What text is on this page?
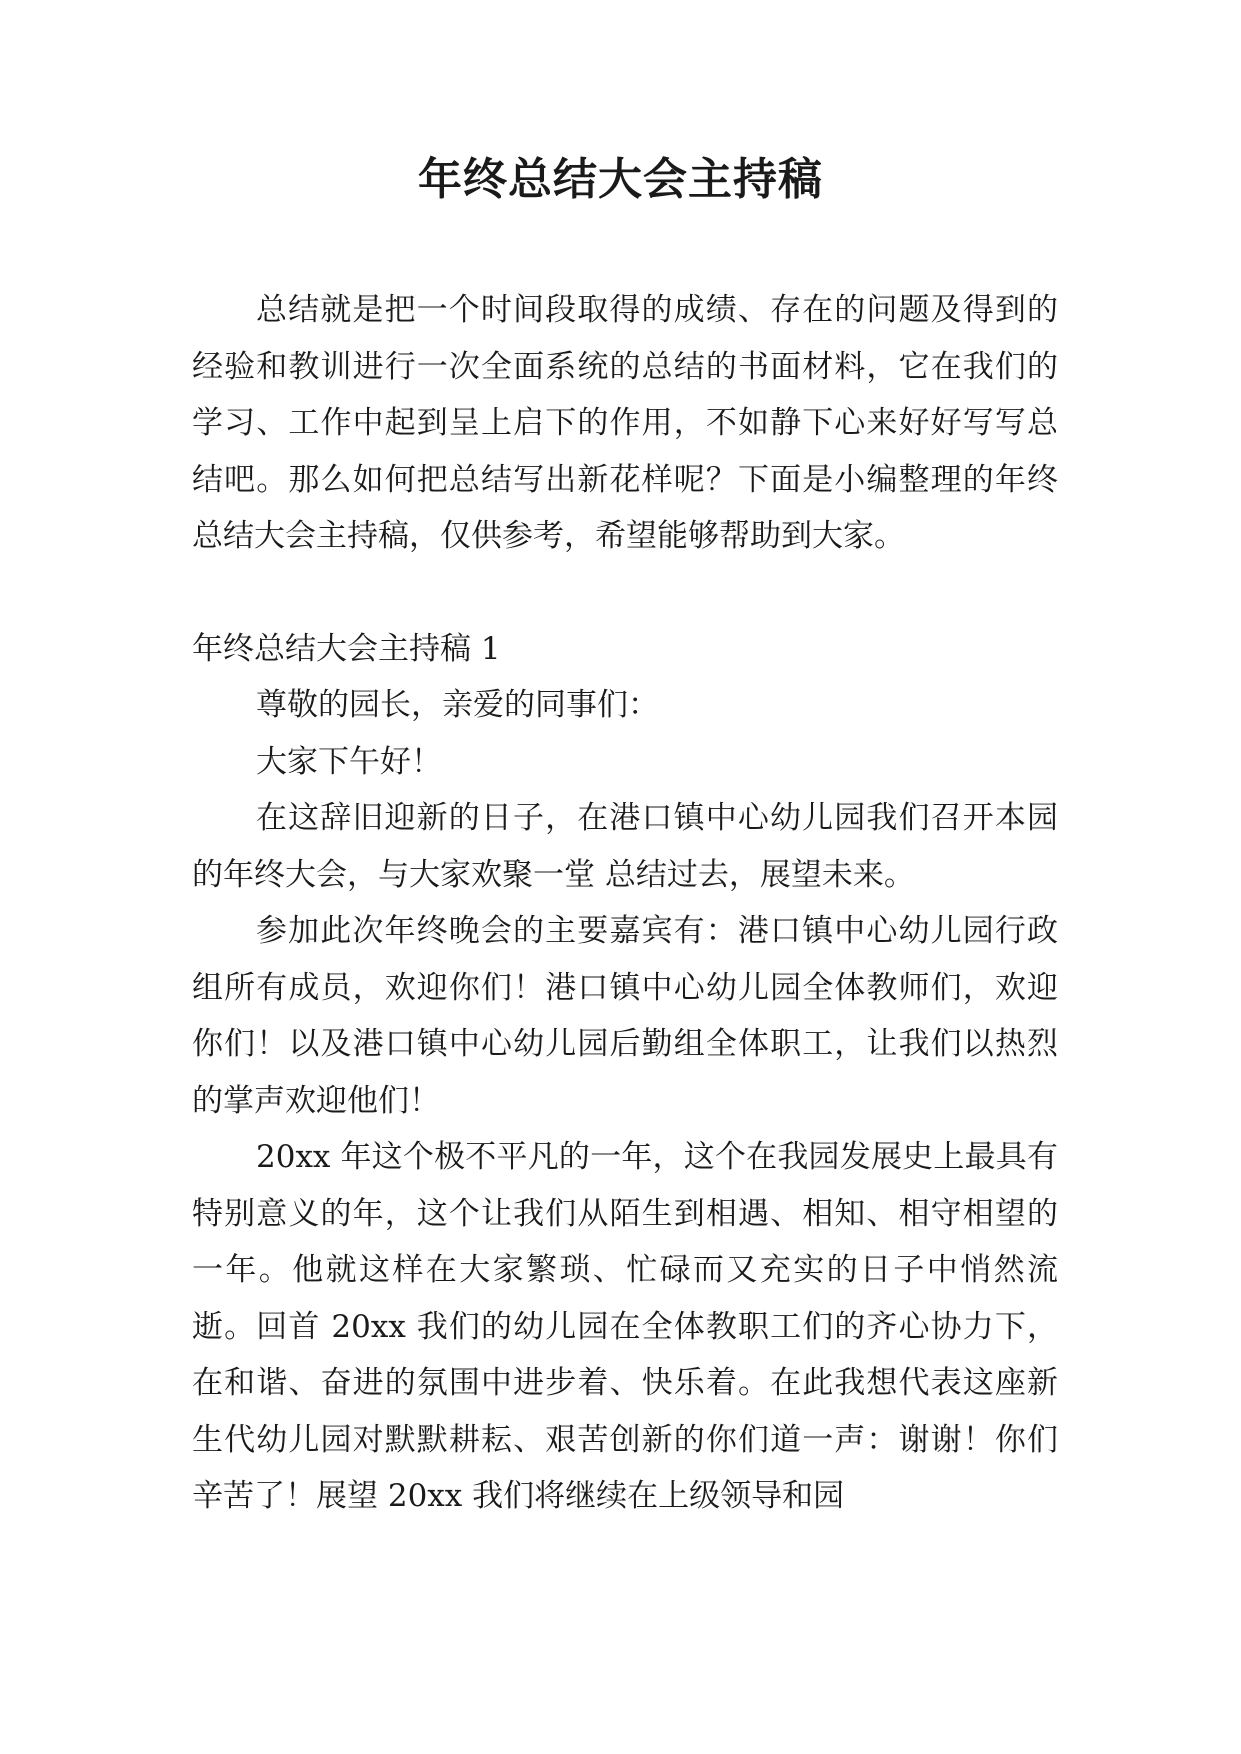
年终总结大会主持稿

总结就是把一个时间段取得的成绩、存在的问题及得到的经验和教训进行一次全面系统的总结的书面材料，它在我们的学习、工作中起到呈上启下的作用，不如静下心来好好写写总结吧。那么如何把总结写出新花样呢？下面是小编整理的年终总结大会主持稿，仅供参考，希望能够帮助到大家。

年终总结大会主持稿 1

尊敬的园长，亲爱的同事们：

大家下午好！

在这辞旧迎新的日子，在港口镇中心幼儿园我们召开本园的年终大会，与大家欢聚一堂 总结过去，展望未来。

参加此次年终晚会的主要嘉宾有：港口镇中心幼儿园行政组所有成员，欢迎你们！港口镇中心幼儿园全体教师们，欢迎你们！以及港口镇中心幼儿园后勤组全体职工，让我们以热烈的掌声欢迎他们！

20xx 年这个极不平凡的一年，这个在我园发展史上最具有特别意义的年，这个让我们从陌生到相遇、相知、相守相望的一年。他就这样在大家繁琐、忙碌而又充实的日子中悄然流逝。回首 20xx 我们的幼儿园在全体教职工们的齐心协力下，在和谐、奋进的氛围中进步着、快乐着。在此我想代表这座新生代幼儿园对默默耕耘、艰苦创新的你们道一声：谢谢！你们辛苦了！展望 20xx 我们将继续在上级领导和园
